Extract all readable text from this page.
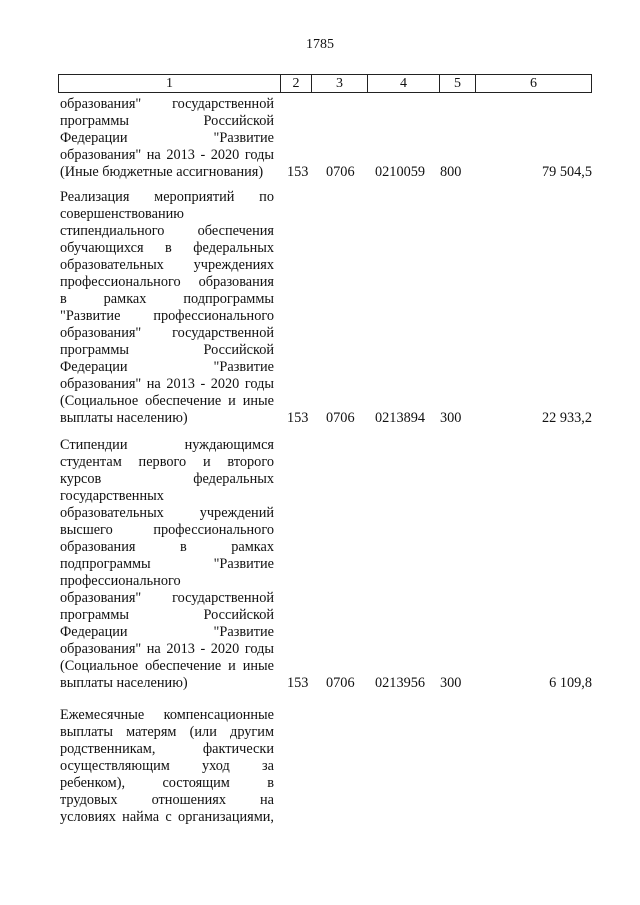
1785
1	2	3	4	5	6
образования" государственной
программы Российской
Федерации "Развитие
образования" на 2013 - 2020 годы
(Иные бюджетные ассигнования)	153 0706 0210059 800	79 504,5
Реализация мероприятий по
совершенствованию
стипендиального обеспечения
обучающихся в федеральных
образовательных учреждениях
профессионального образования
в рамках подпрограммы
"Развитие профессионального
образования" государственной
программы Российской
Федерации "Развитие
образования" на 2013 - 2020 годы
(Социальное обеспечение и иные
выплаты населению)	153 0706 0213894 300	22 933,2
Стипендии нуждающимся
студентам первого и второго
курсов федеральных
государственных
образовательных учреждений
высшего профессионального
образования в рамках
подпрограммы "Развитие
профессионального
образования" государственной
программы Российской
Федерации "Развитие
образования" на 2013 - 2020 годы
(Социальное обеспечение и иные
выплаты населению)	153 0706 0213956 300	6 109,8
Ежемесячные компенсационные
выплаты матерям (или другим
родственникам, фактически
осуществляющим уход за
ребенком), состоящим в
трудовых отношениях на
условиях найма с организациями,
